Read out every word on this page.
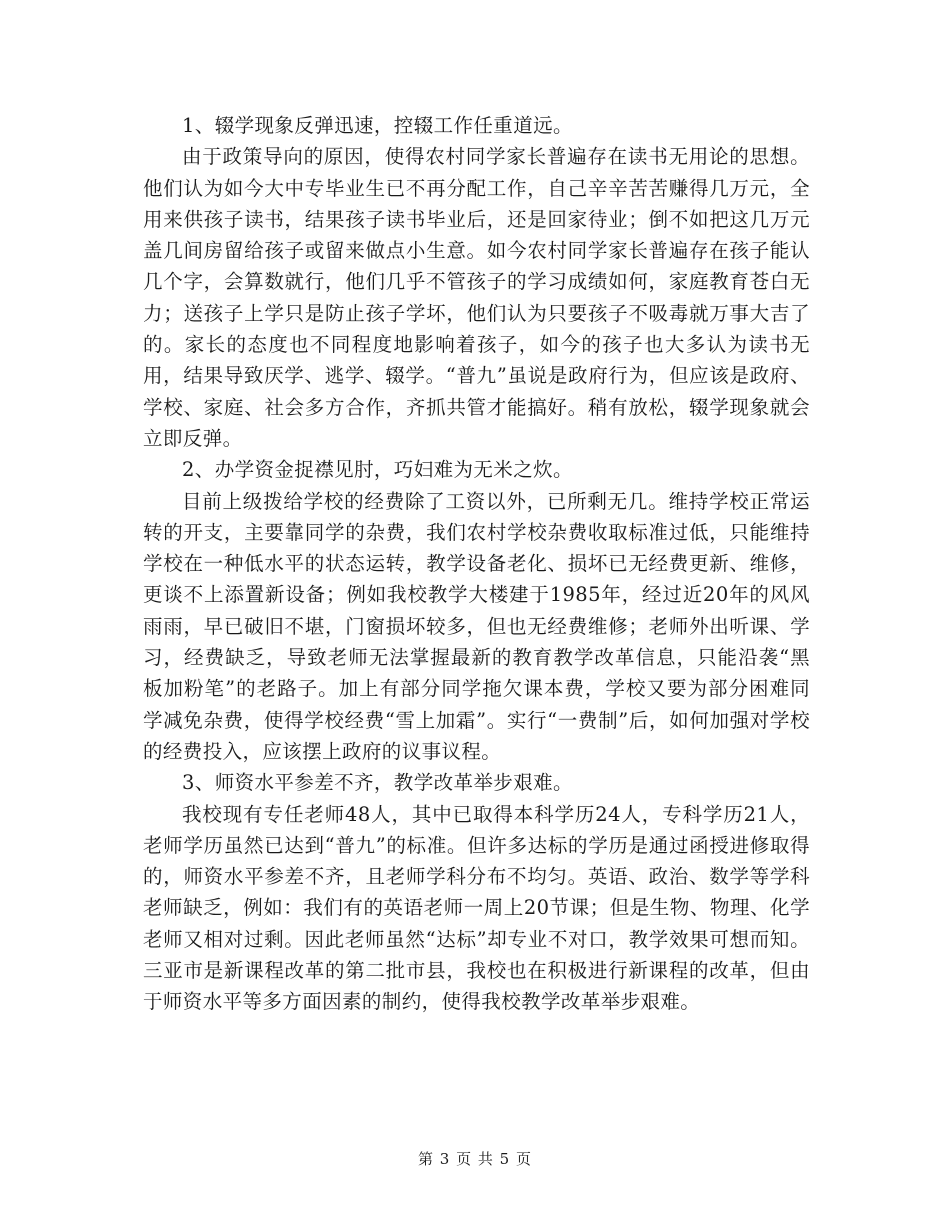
1、辍学现象反弹迅速，控辍工作任重道远。

由于政策导向的原因，使得农村同学家长普遍存在读书无用论的思想。他们认为如今大中专毕业生已不再分配工作，自己辛辛苦苦赚得几万元，全用来供孩子读书，结果孩子读书毕业后，还是回家待业；倒不如把这几万元盖几间房留给孩子或留来做点小生意。如今农村同学家长普遍存在孩子能认几个字，会算数就行，他们几乎不管孩子的学习成绩如何，家庭教育苍白无力；送孩子上学只是防止孩子学坏，他们认为只要孩子不吸毒就万事大吉了的。家长的态度也不同程度地影响着孩子，如今的孩子也大多认为读书无用，结果导致厌学、逃学、辍学。“普九”虽说是政府行为，但应该是政府、学校、家庭、社会多方合作，齐抓共管才能搞好。稍有放松，辍学现象就会立即反弹。

2、办学资金捉襟见肘，巧妇难为无米之炊。

目前上级拨给学校的经费除了工资以外，已所剩无几。维持学校正常运转的开支，主要靠同学的杂费，我们农村学校杂费收取标准过低，只能维持学校在一种低水平的状态运转，教学设备老化、损坏已无经费更新、维修，更谈不上添置新设备；例如我校教学大楼建于1985年，经过近20年的风风雨雨，早已破旧不堪，门窗损坏较多，但也无经费维修；老师外出听课、学习，经费缺乏，导致老师无法掌握最新的教育教学改革信息，只能沿袭“黑板加粉笔”的老路子。加上有部分同学拖欠课本费，学校又要为部分困难同学减免杂费，使得学校经费“雪上加霜”。实行“一费制”后，如何加强对学校的经费投入，应该摆上政府的议事议程。

3、师资水平参差不齐，教学改革举步艰难。

我校现有专任老师48人，其中已取得本科学历24人，专科学历21人，老师学历虽然已达到“普九”的标准。但许多达标的学历是通过函授进修取得的，师资水平参差不齐，且老师学科分布不均匀。英语、政治、数学等学科老师缺乏，例如：我们有的英语老师一周上20节课；但是生物、物理、化学老师又相对过剩。因此老师虽然“达标”却专业不对口，教学效果可想而知。三亚市是新课程改革的第二批市县，我校也在积极进行新课程的改革，但由于师资水平等多方面因素的制约，使得我校教学改革举步艰难。

第 3 页 共 5 页
